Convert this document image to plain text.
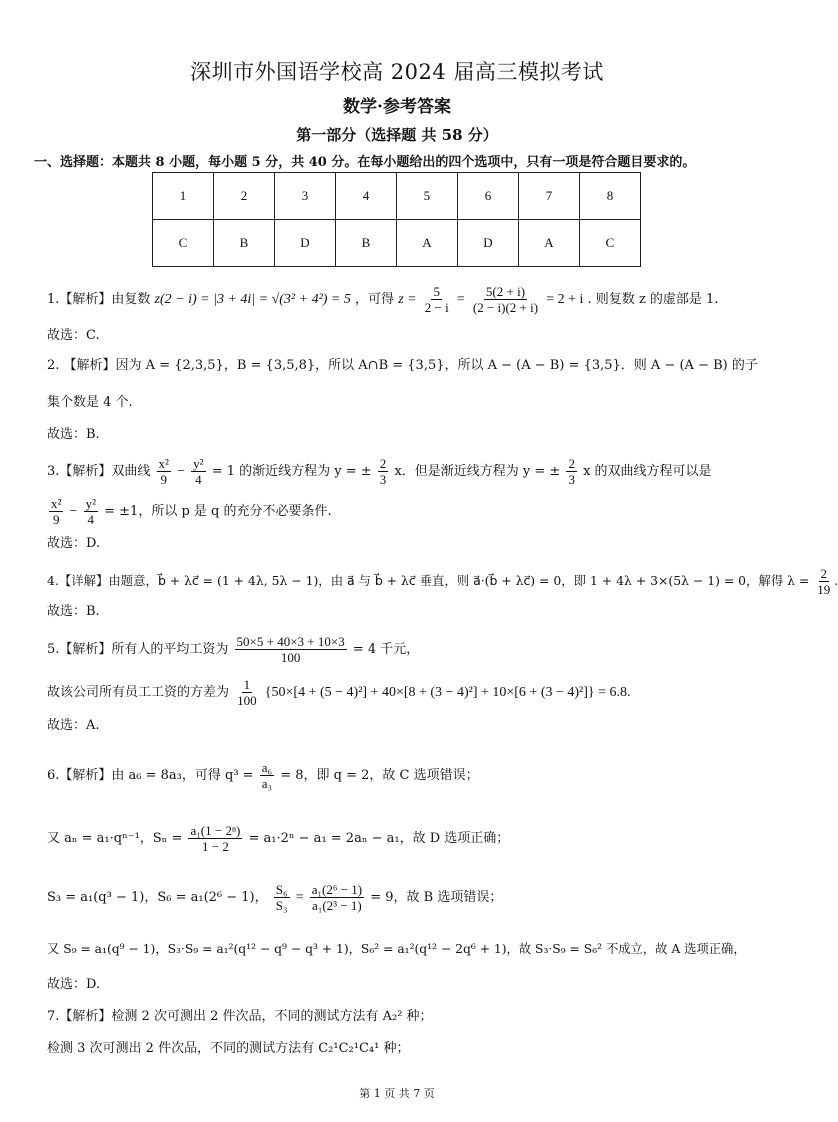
深圳市外国语学校高 2024 届高三模拟考试
数学·参考答案
第一部分（选择题 共 58 分）
一、选择题：本题共 8 小题，每小题 5 分，共 40 分。在每小题给出的四个选项中，只有一项是符合题目要求的。
1	2	3	4	5	6	7	8
C	B	D	B	A	D	A	C
1.【解析】由复数 z(2 − i) = |3 + 4i| = √(3² + 4²) = 5 ，可得 $z = \frac{5}{2 - i} = \frac{5(2 + i)}{(2 - i)(2 + i)} = 2 + i$ . 则复数 z 的虚部是 1.
故选：C.
2. 【解析】因为 A = {2,3,5}，B = {3,5,8}，所以 A∩B = {3,5}，所以 A − (A − B) = {3,5}．则 A − (A − B) 的子
集个数是 4 个.
故选：B.
3.【解析】双曲线 $\frac{\text{x²}}{9} - \frac{\text{y²}}{4} = 1$ 的渐近线方程为 y = ± $\frac{2}{3}$ x．但是渐近线方程为 y = ± $\frac{2}{3}$ x 的双曲线方程可以是
$\frac{\text{x²}}{9} - \frac{\text{y²}}{4} = \pm 1$，所以 p 是 q 的充分不必要条件.
故选：D.
4.【详解】由题意，b⃗ + λc⃗ = (1 + 4λ, 5λ − 1)，由 a⃗ 与 b⃗ + λc⃗ 垂直，则 a⃗·(b⃗ + λc⃗) = 0，即 1 + 4λ + 3×(5λ − 1) = 0，解得 $\lambda = \frac{2}{19}$ .
故选：B.
5.【解析】所有人的平均工资为 $\frac{50\times 5 + 40\times 3 + 10\times 3}{100} = 4$ 千元，
故该公司所有员工工资的方差为 $\frac{1}{100} \{50\times[4 + (5 - 4)^2] + 40\times[8 + (3 - 4)^2] + 10\times[6 + (3 - 4)^2]\} = 6.8$.
故选：A.
6.【解析】由 a₆ = 8a₃，可得 $q^3 = \frac{\text{a₆}}{\text{a₃}} = 8$，即 q = 2，故 C 选项错误；
又 aₙ = a₁·qⁿ⁻¹，$S_n = \frac{\text{a₁(1 − 2ⁿ)}}{1 - 2} = a_1\cdot 2^n - a_1 = 2a_n - a_1$，故 D 选项正确；
S₃ = a₁(q³ − 1)，S₆ = a₁(2⁶ − 1)， $\frac{\text{S₆}}{\text{S₃}} = \frac{\text{a₁(2⁶ − 1)}}{\text{a₁(2³ − 1)}} = 9$，故 B 选项错误；
又 S₉ = a₁(q⁹ − 1)，S₃·S₉ = a₁²(q¹² − q⁹ − q³ + 1)，S₆² = a₁²(q¹² − 2q⁶ + 1)，故 S₃·S₉ = S₆² 不成立，故 A 选项正确，
故选：D.
7.【解析】检测 2 次可测出 2 件次品，不同的测试方法有 A₂² 种；
检测 3 次可测出 2 件次品，不同的测试方法有 C₂¹C₂¹C₄¹ 种；
第 1 页 共 7 页
